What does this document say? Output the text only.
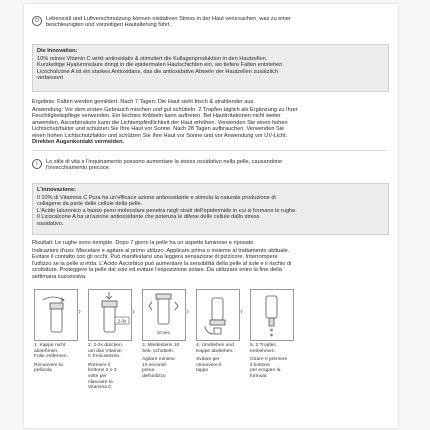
D	Lebensstil und Luftverschmutzung können oxidativen Stress in der Haut verursachen, was zu einer
beschleunigten und vorzeitigen Hautalterung führt.
Die Innovation:
10% reines Vitamin C wirkt antioxidativ & stimuliert die Kollagenproduktion in den Hautzellen.
Kurzkettige Hyaluronsäure dringt in die epidermalen Hautschichten ein, wo tiefere Falten entstehen.
Licochalcone A ist ein starkes Antioxidans, das die antioxidative Abwehr der Hautzellen zusätzlich
verbessert
Ergebnis: Falten werden gemildert. Nach 7 Tagen: Die Haut sieht frisch & strahlender aus.
Anwendung: Vor dem ersten Gebrauch mischen und gut schütteln. 2 Tropfen täglich als Ergänzung zu Ihrer
Feuchtigkeitspflege verwenden. Ein leichtes Kribbeln kann auftreten. Bei Hautirritationen nicht weiter
anwenden. Ascorbinsäure kann die Lichtempfindlichkeit der Haut erhöhen. Verwenden Sie einen hohen
Lichtschutzfaktor und schützen Sie Ihre Haut vor Sonne. Nach 28 Tagen aufbrauchen. Verwenden Sie
einen hohen Lichtschutzfaktor und schützen Sie Ihre Haut vor Sonne und vor Anwendung vor UV-Licht.
Direkten Augenkontakt vermeiden.
I	Lo stile di vita e l'inquinamento possono aumentare lo stress ossidativo nella pelle, causandone
l'invecchiamento precoce.
L'innovazione:
Il 10% di Vitamina C Pura ha un'efficace azione antiossidante e stimola la naturale produzione di
collagene da parte delle cellule della pelle.
L'Acido Ialuronico a basso peso molecolare penetra negli strati dell'epidermide in cui si formano le rughe.
Il Licocalcone A ha un'azione antiossidante che potenzia le difese delle cellule dallo stress
ossidativo.
Risultati: Le rughe sono riempite. Dopo 7 giorni la pelle ha un aspetto luminoso e riposato.
Indicazioni d'uso: Miscelare e agitare al primo utilizzo. Applicare prima o insieme al trattamento abituale.
Evitare il contatto con gli occhi. Può manifestarsi una leggera sensazione di pizzicore. Interrompere
l'utilizzo se la pelle si irrita. L'Acido Ascorbico può aumentare la sensibilità della pelle al sole e il rischio di
scottature. Proteggere la pelle dal sole ed evitare l'esposizione solare. Da utilizzare entro la fine della
settimana successiva.
1. Kappe nicht
abnehmen,
Folie entfernen.
Rimuovere la
pellicola
›
2-3x
2. 2-3x drücken,
um das Vitamin
C freizusetzen.
Premere il
bottone 2 o 3
volte per
rilasciare la
Vitamina C
›
10 sec.
3. Mindestens 10
Sek. schütteln.
Agitare minimo
10 secondi
prima
dell'utilizzo
›
4. Umdrehen und
Kappe abdrehen.
Svitare per
rimuovere il
tappo
›
5. 2 Tropfen
entnehmen.
Girare e premere
il bottone
per erogare la
formula
